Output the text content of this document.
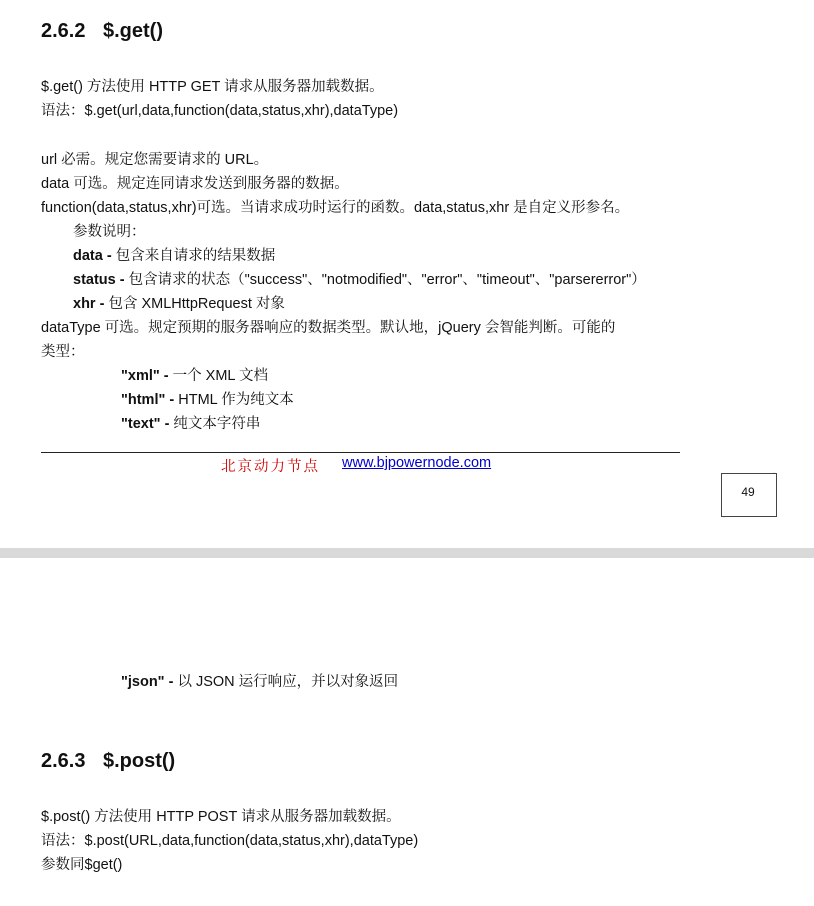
2.6.2 $.get()
$.get() 方法使用 HTTP GET 请求从服务器加载数据。
语法：$.get(url,data,function(data,status,xhr),dataType)
url 必需。规定您需要请求的 URL。
data 可选。规定连同请求发送到服务器的数据。
function(data,status,xhr)可选。当请求成功时运行的函数。data,status,xhr 是自定义形参名。
参数说明：
data - 包含来自请求的结果数据
status - 包含请求的状态（"success"、"notmodified"、"error"、"timeout"、"parsererror"）
xhr - 包含 XMLHttpRequest 对象
dataType 可选。规定预期的服务器响应的数据类型。默认地，jQuery 会智能判断。可能的
类型：
"xml" - 一个 XML 文档
"html" - HTML 作为纯文本
"text" - 纯文本字符串
北京动力节点 www.bjpowernode.com
49
"json" - 以 JSON 运行响应，并以对象返回
2.6.3 $.post()
$.post() 方法使用 HTTP POST 请求从服务器加载数据。
语法：$.post(URL,data,function(data,status,xhr),dataType)
参数同$get()
